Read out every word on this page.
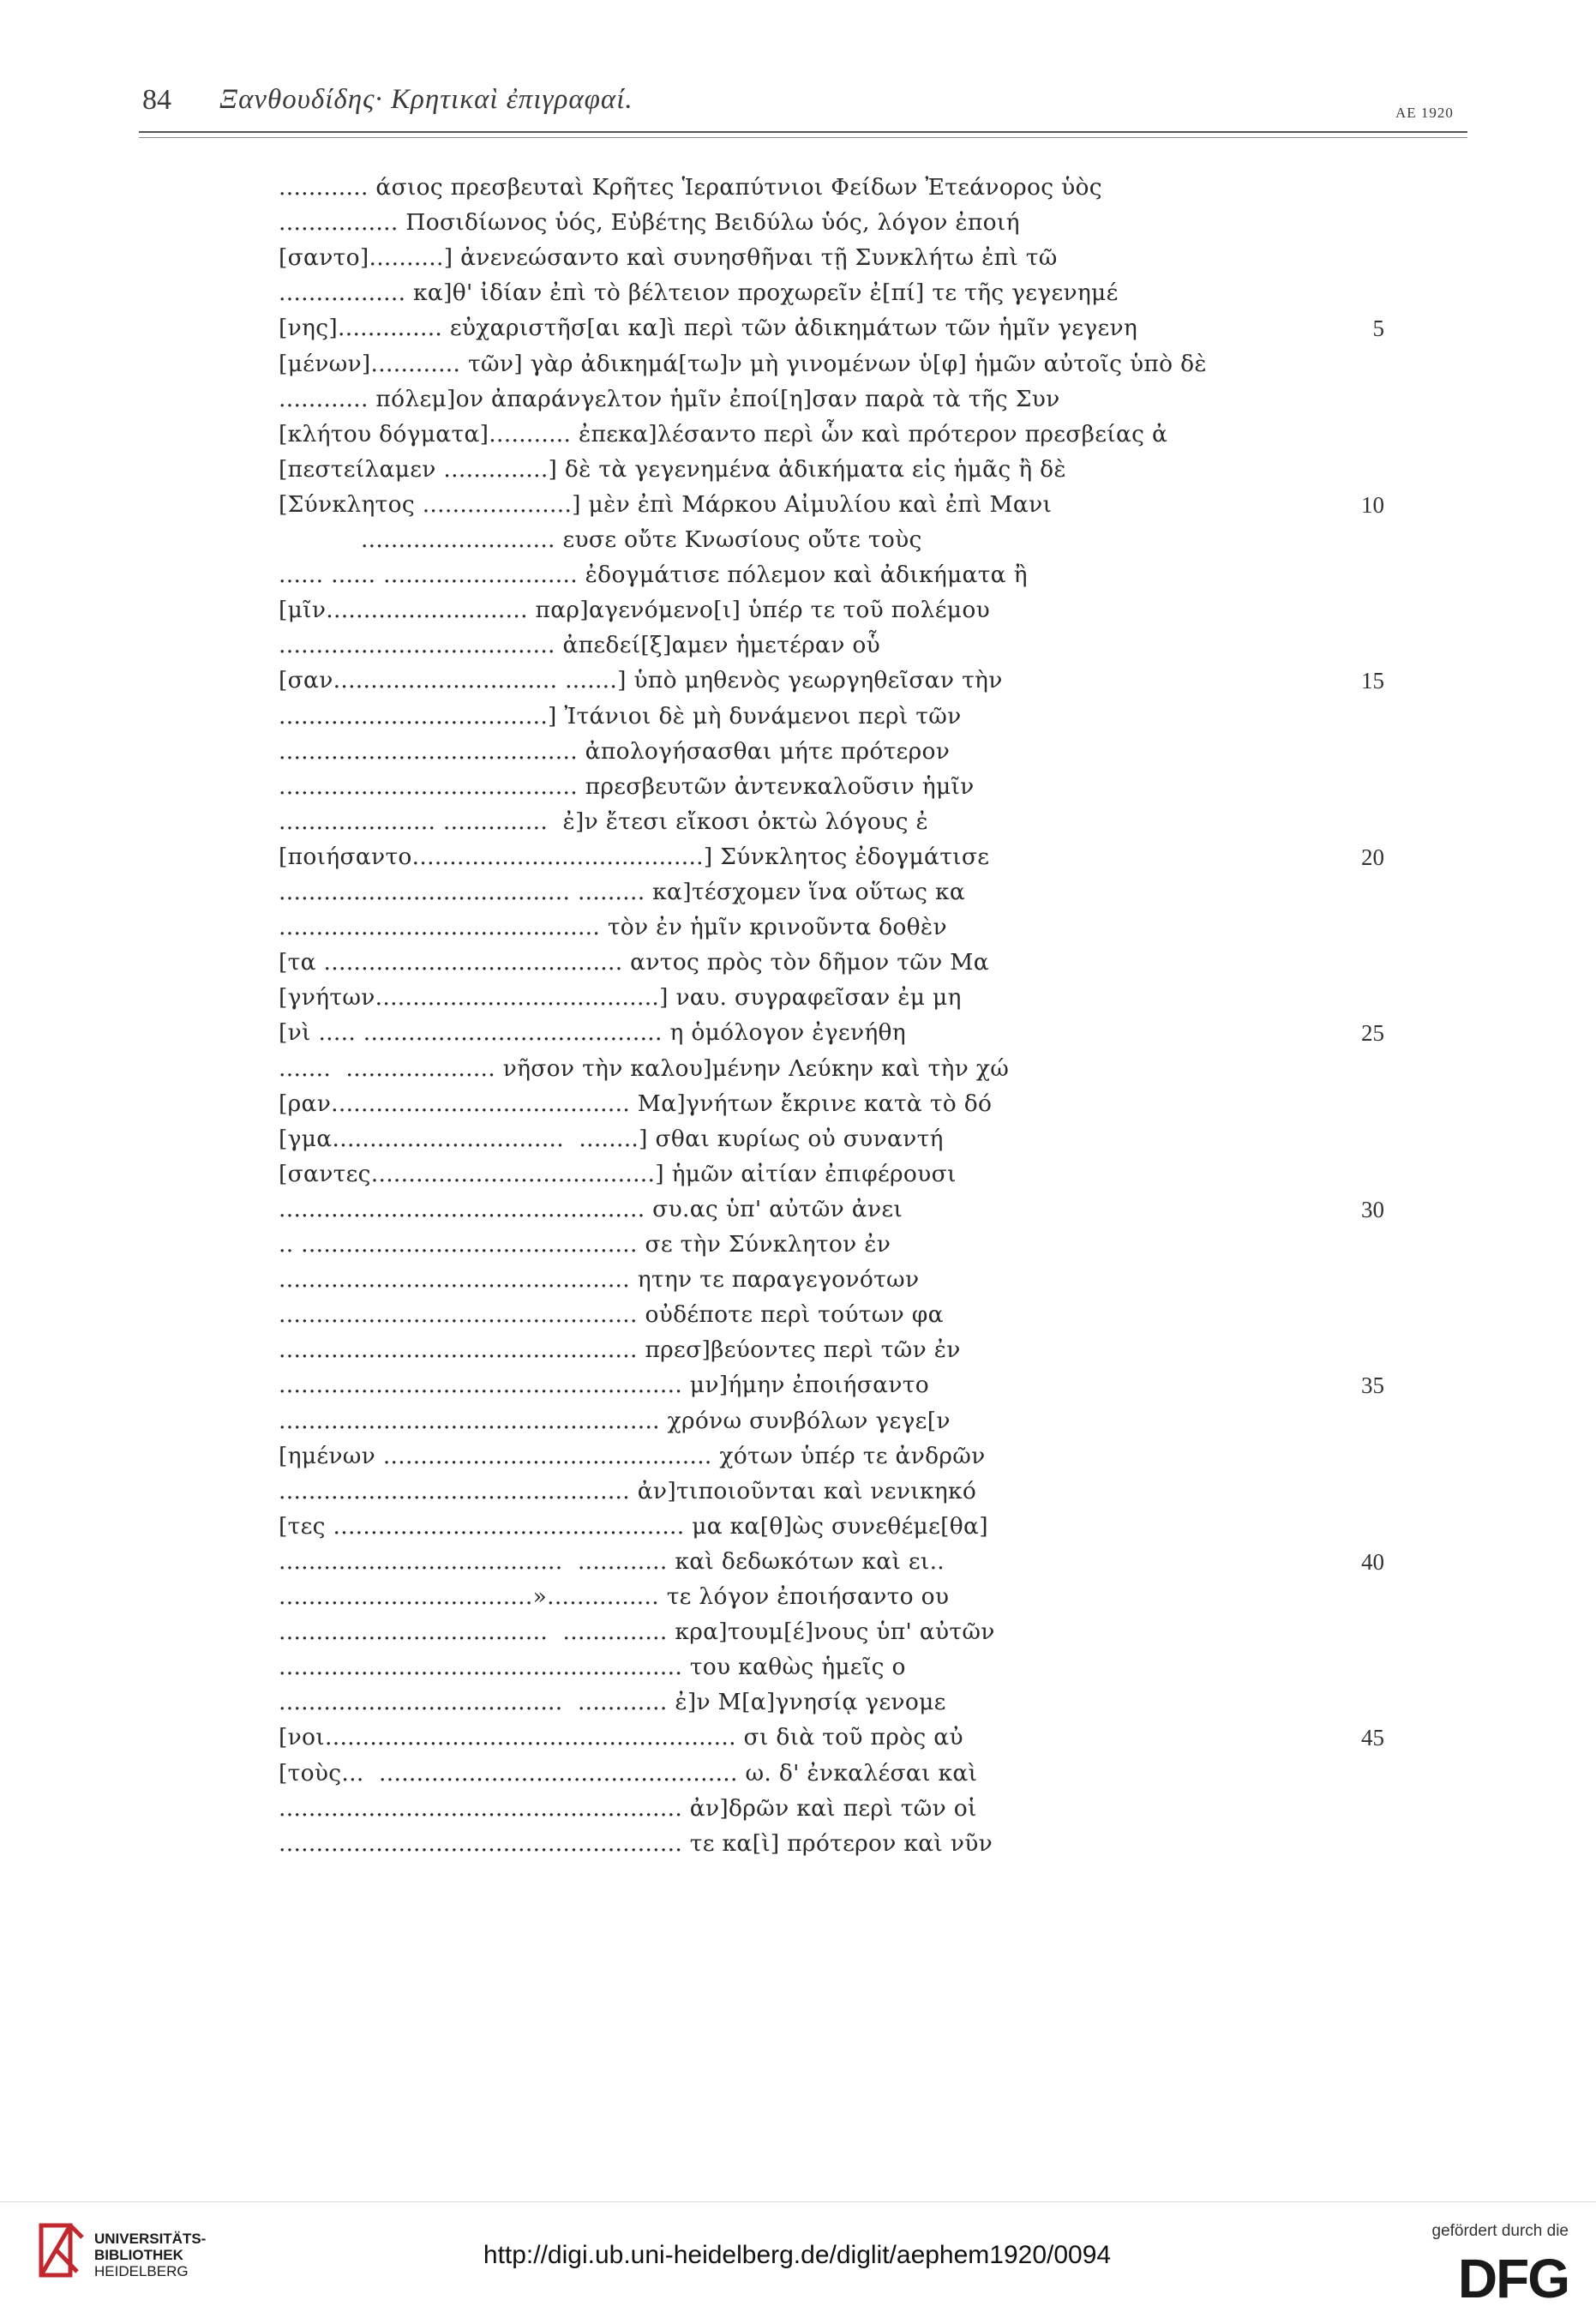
84 Ξανθουδίδης· Κρητικαὶ ἐπιγραφαί.	ΑΕ 1920
............ άσιος πρεσβευταὶ Κρῆτες Ἱεραπύτνιοι Φείδων Ἐτεάνορος ὑὸς
................ Ποσιδίωνος ὑός, Εὐβέτης Βειδύλω ὑός, λόγον ἐποιή
[σαντο]..........] ἀνενεώσαντο καὶ συνησθῆναι τῇ Συνκλήτω ἐπὶ τῶ
................. κα]θ' ἰδίαν ἐπὶ τὸ βέλτειον προχωρεῖν ἐ[πί] τε τῆς γεγενημέ
[νης].............. εὐχαριστῆσ[αι κα]ὶ περὶ τῶν ἀδικημάτων τῶν ἡμῖν γεγενη	5
[μένων]............ τῶν] γὰρ ἀδικημά[τω]ν μὴ γινομένων ὑ[φ] ἡμῶν αὐτοῖς ὑπὸ δὲ
............ πόλεμ]ον ἀπαράνγελτον ἡμῖν ἐποί[η]σαν παρὰ τὰ τῆς Συν
[κλήτου δόγματα]........... ἐπεκα]λέσαντο περὶ ὧν καὶ πρότερον πρεσβείας ἀ
[πεστείλαμεν ..............] δὲ τὰ γεγενημένα ἀδικήματα εἰς ἡμᾶς ἢ δὲ
[Σύνκλητος ....................] μὲν ἐπὶ Μάρκου Αἰμυλίου καὶ ἐπὶ Μανι	10
.......................... ευσε οὔτε Κνωσίους οὔτε τοὺς
...... ...... .......................... ἐδογμάτισε πόλεμον καὶ ἀδικήματα ἢ
[μῖν........................... παρ]αγενόμενο[ι] ὑπέρ τε τοῦ πολέμου
..................................... ἀπεδεί[ξ]αμεν ἡμετέραν οὗ
[σαν.............................. .......] ὑπὸ μηθενὸς γεωργηθεῖσαν τὴν	15
....................................] Ἰτάνιοι δὲ μὴ δυνάμενοι περὶ τῶν
........................................ ἀπολογήσασθαι μήτε πρότερον
........................................ πρεσβευτῶν ἀντενκαλοῦσιν ἡμῖν
..................... ..............  ἐ]ν ἔτεσι εἴκοσι ὀκτὼ λόγους ἐ
[ποιήσαντο.......................................] Σύνκλητος ἐδογμάτισε	20
....................................... ......... κα]τέσχομεν ἵνα οὕτως κα
........................................... τὸν ἐν ἡμῖν κρινοῦντα δοθὲν
[τα ........................................ αντος πρὸς τὸν δῆμον τῶν Μα
[γνήτων......................................] ναυ. συγραφεῖσαν ἐμ μη
[νὶ ..... ........................................ η ὁμόλογον ἐγενήθη	25
.......  .................... νῆσον τὴν καλου]μένην Λεύκην καὶ τὴν χώ
[ραν........................................ Μα]γνήτων ἔκρινε κατὰ τὸ δό
[γμα...............................  ........] σθαι κυρίως οὐ συναντή
[σαντες......................................] ἡμῶν αἰτίαν ἐπιφέρουσι
................................................. συ.ας ὑπ' αὐτῶν ἀνει	30
.. ............................................. σε τὴν Σύνκλητον ἐν
............................................... ητην τε παραγεγονότων
................................................ οὐδέποτε περὶ τούτων φα
................................................ πρεσ]βεύοντες περὶ τῶν ἐν
...................................................... μν]ήμην ἐποιήσαντο	35
................................................... χρόνω συνβόλων γεγε[ν
[ημένων ............................................ χότων ὑπέρ τε ἀνδρῶν
............................................... ἀν]τιποιοῦνται καὶ νενικηκό
[τες ............................................... μα κα[θ]ὼς συνεθέμε[θα]
......................................  ............ καὶ δεδωκότων καὶ ει..	40
..................................»............... τε λόγον ἐποιήσαντο ου
....................................  .............. κρα]τουμ[έ]νους ὑπ' αὐτῶν
...................................................... του καθὼς ἡμεῖς ο
......................................  ............ ἐ]ν Μ[α]γνησίᾳ γενομε
[νοι....................................................... σι διὰ τοῦ πρὸς αὐ	45
[τοὺς...  ................................................ ω. δ' ἐνκαλέσαι καὶ
...................................................... ἀν]δρῶν καὶ περὶ τῶν οἱ
...................................................... τε κα[ὶ] πρότερον καὶ νῦν
UNIVERSITÄTS-
BIBLIOTHEK
HEIDELBERG
http://digi.ub.uni-heidelberg.de/diglit/aephem1920/0094
gefördert durch die
DFG
